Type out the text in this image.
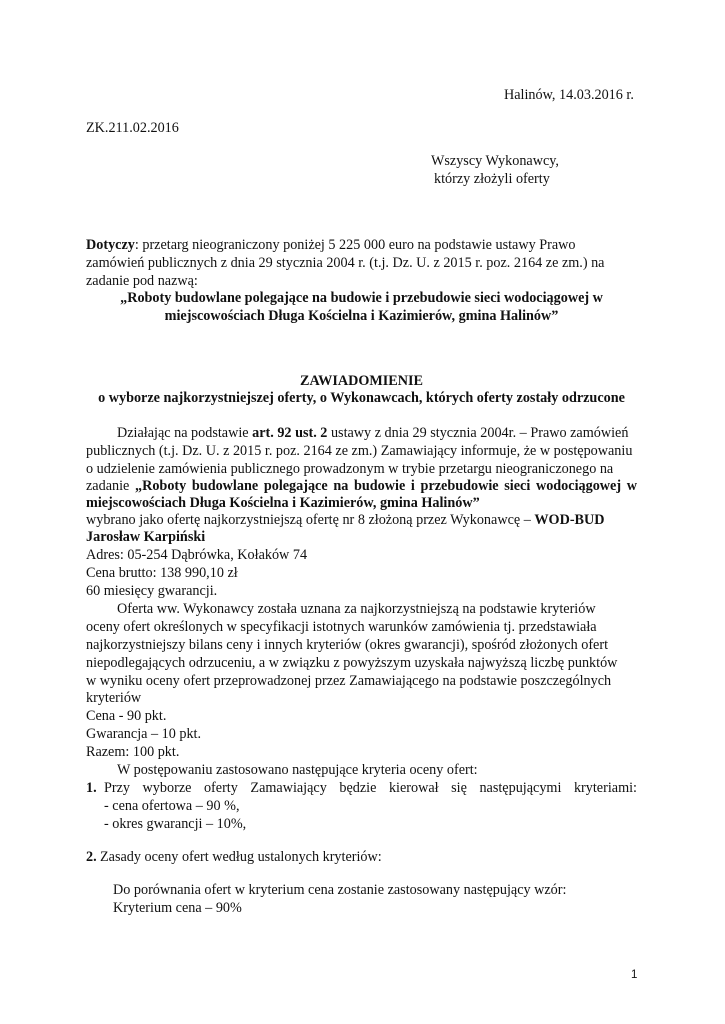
Halinów, 14.03.2016 r.
ZK.211.02.2016
Wszyscy Wykonawcy,
którzy złożyli oferty
Dotyczy: przetarg nieograniczony poniżej 5 225 000 euro na podstawie ustawy Prawo
zamówień publicznych z dnia 29 stycznia 2004 r. (t.j. Dz. U. z 2015 r. poz. 2164 ze zm.) na
zadanie pod nazwą:
„Roboty budowlane polegające na budowie i przebudowie sieci wodociągowej w
miejscowościach Długa Kościelna i Kazimierów, gmina Halinów”
ZAWIADOMIENIE
o wyborze najkorzystniejszej oferty, o Wykonawcach, których oferty zostały odrzucone
Działając na podstawie art. 92 ust. 2 ustawy z dnia 29 stycznia 2004r. – Prawo zamówień
publicznych (t.j. Dz. U. z 2015 r. poz. 2164 ze zm.) Zamawiający informuje, że w postępowaniu
o udzielenie zamówienia publicznego prowadzonym w trybie przetargu nieograniczonego na
zadanie „Roboty budowlane polegające na budowie i przebudowie sieci wodociągowej w
miejscowościach Długa Kościelna i Kazimierów, gmina Halinów”
wybrano jako ofertę najkorzystniejszą ofertę nr 8 złożoną przez Wykonawcę – WOD-BUD
Jarosław Karpiński
Adres: 05-254 Dąbrówka, Kołaków 74
Cena brutto: 138 990,10 zł
60 miesięcy gwarancji.
Oferta ww. Wykonawcy została uznana za najkorzystniejszą na podstawie kryteriów
oceny ofert określonych w specyfikacji istotnych warunków zamówienia tj. przedstawiała
najkorzystniejszy bilans ceny i innych kryteriów (okres gwarancji), spośród złożonych ofert
niepodlegających odrzuceniu, a w związku z powyższym uzyskała najwyższą liczbę punktów
w wyniku oceny ofert przeprowadzonej przez Zamawiającego na podstawie poszczególnych
kryteriów
Cena - 90 pkt.
Gwarancja – 10 pkt.
Razem: 100 pkt.
W postępowaniu zastosowano następujące kryteria oceny ofert:
1. Przy wyborze oferty Zamawiający będzie kierował się następującymi kryteriami:
- cena ofertowa – 90 %,
- okres gwarancji – 10%,
2. Zasady oceny ofert według ustalonych kryteriów:
Do porównania ofert w kryterium cena zostanie zastosowany następujący wzór:
Kryterium cena – 90%
1
